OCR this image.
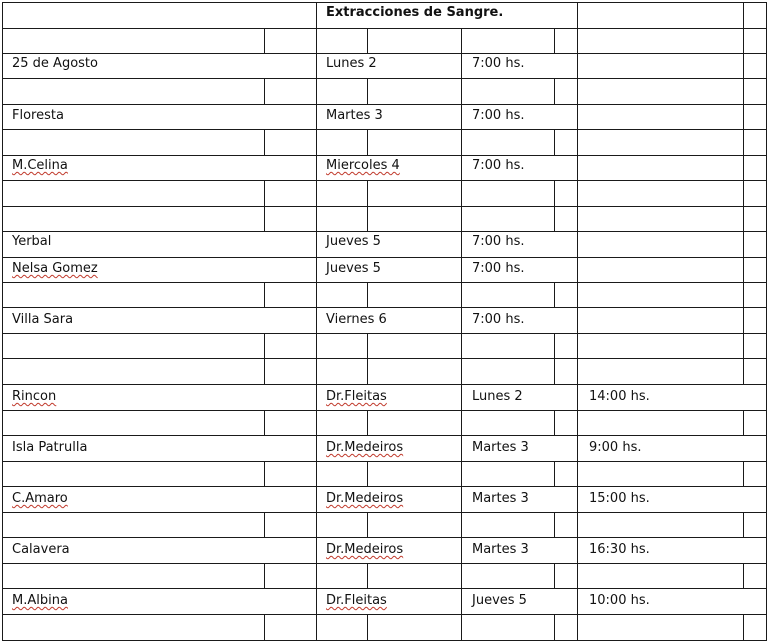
Extracciones de Sangre.
25 de Agosto	Lunes 2	7:00 hs.
Floresta	Martes 3	7:00 hs.
M.Celina	Miercoles 4	7:00 hs.
Yerbal	Jueves 5	7:00 hs.
Nelsa Gomez	Jueves 5	7:00 hs.
Villa Sara	Viernes 6	7:00 hs.
Rincon	Dr.Fleitas	Lunes 2	14:00 hs.
Isla Patrulla	Dr.Medeiros	Martes 3	9:00 hs.
C.Amaro	Dr.Medeiros	Martes 3	15:00 hs.
Calavera	Dr.Medeiros	Martes 3	16:30 hs.
M.Albina	Dr.Fleitas	Jueves 5	10:00 hs.
